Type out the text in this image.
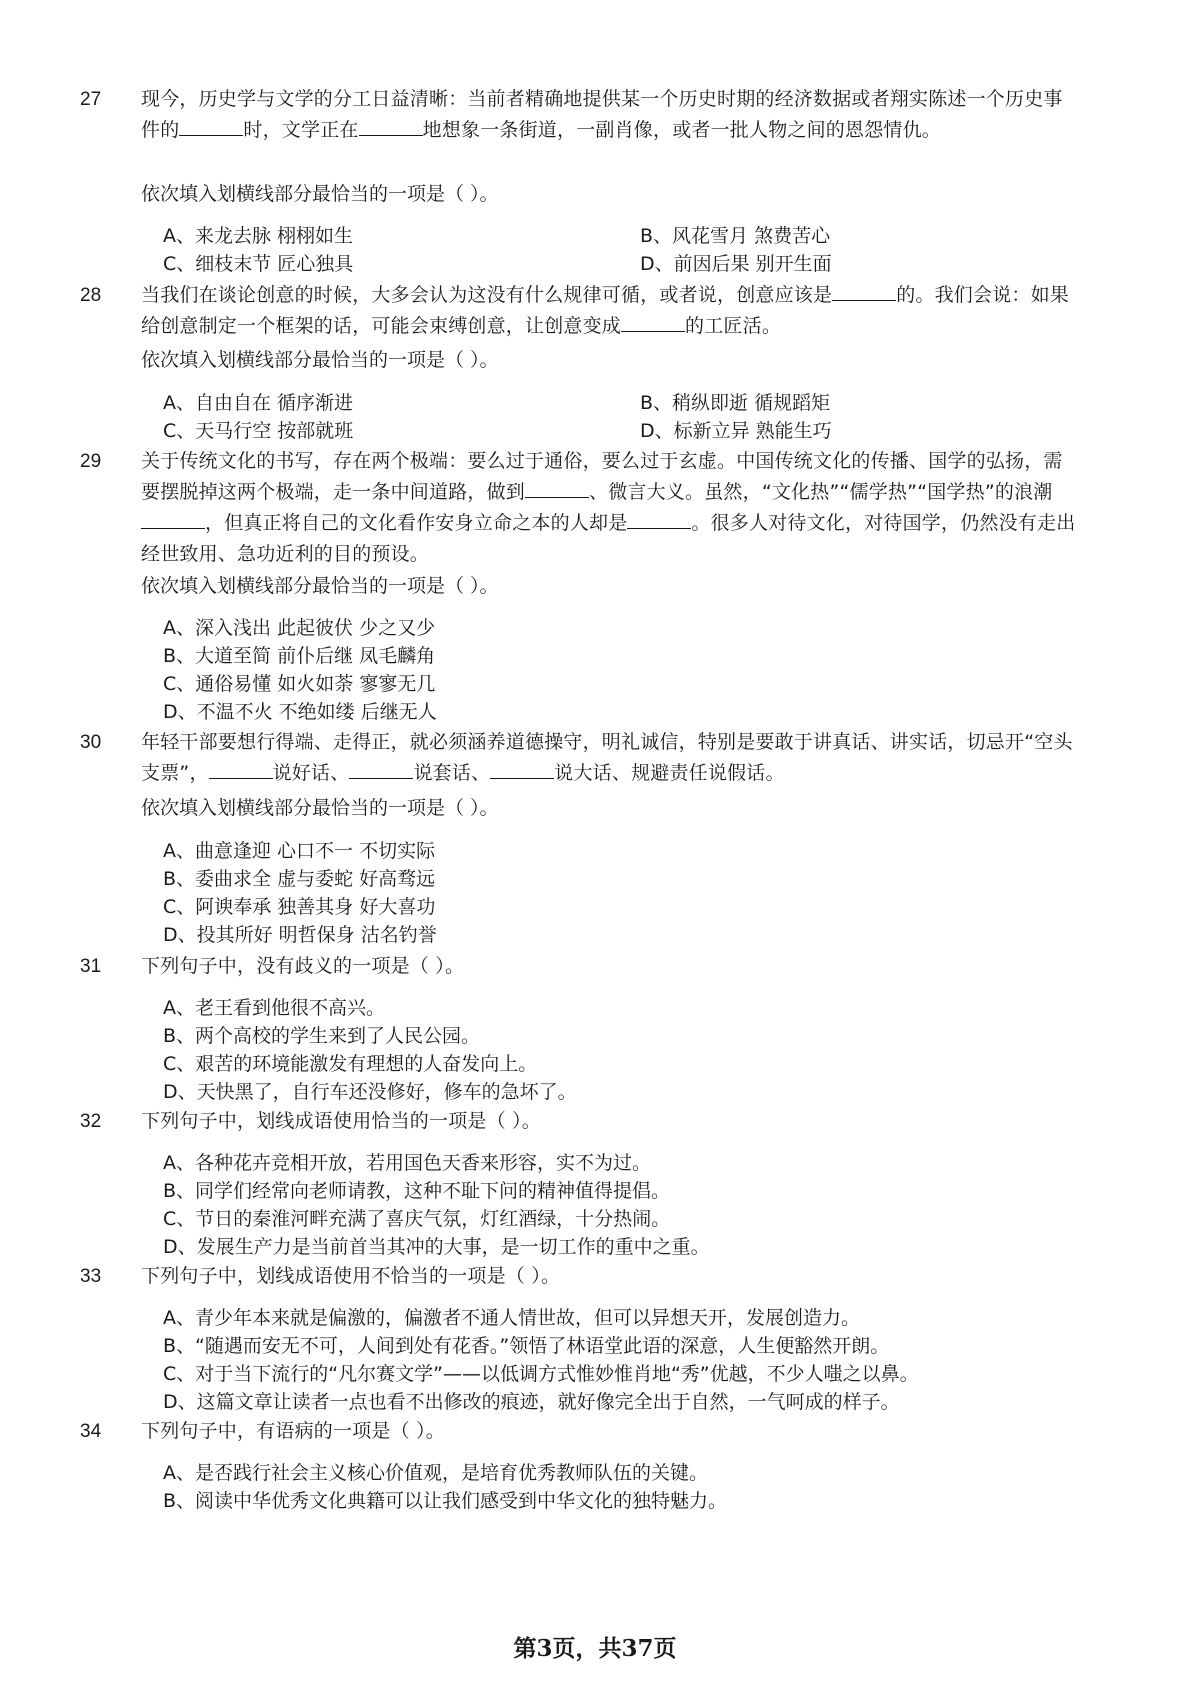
27 现今，历史学与文学的分工日益清晰：当前者精确地提供某一个历史时期的经济数据或者翔实陈述一个历史事件的	时，文学正在	地想象一条街道，一副肖像，或者一批人物之间的恩怨情仇。
依次填入划横线部分最恰当的一项是（ ）。
A、来龙去脉 栩栩如生	B、风花雪月 煞费苦心
C、细枝末节 匠心独具	D、前因后果 别开生面
28 当我们在谈论创意的时候，大多会认为这没有什么规律可循，或者说，创意应该是	的。我们会说：如果给创意制定一个框架的话，可能会束缚创意，让创意变成	的工匠活。
依次填入划横线部分最恰当的一项是（ ）。
A、自由自在 循序渐进	B、稍纵即逝 循规蹈矩
C、天马行空 按部就班	D、标新立异 熟能生巧
29 关于传统文化的书写，存在两个极端：要么过于通俗，要么过于玄虚。中国传统文化的传播、国学的弘扬，需要摆脱掉这两个极端，走一条中间道路，做到	、微言大义。虽然，“文化热”“儒学热”“国学热”的浪潮，但真正将自己的文化看作安身立命之本的人却是	。很多人对待文化，对待国学，仍然没有走出经世致用、急功近利的目的预设。
依次填入划横线部分最恰当的一项是（ ）。
A、深入浅出 此起彼伏 少之又少
B、大道至简 前仆后继 凤毛麟角
C、通俗易懂 如火如荼 寥寥无几
D、不温不火 不绝如缕 后继无人
30 年轻干部要想行得端、走得正，就必须涵养道德操守，明礼诚信，特别是要敢于讲真话、讲实话，切忌开“空头支票”，	说好话、	说套话、	说大话、规避责任说假话。
依次填入划横线部分最恰当的一项是（ ）。
A、曲意逢迎 心口不一 不切实际
B、委曲求全 虚与委蛇 好高骛远
C、阿谀奉承 独善其身 好大喜功
D、投其所好 明哲保身 沽名钓誉
31 下列句子中，没有歧义的一项是（ ）。
A、老王看到他很不高兴。
B、两个高校的学生来到了人民公园。
C、艰苦的环境能激发有理想的人奋发向上。
D、天快黑了，自行车还没修好，修车的急坏了。
32 下列句子中，划线成语使用恰当的一项是（ ）。
A、各种花卉竞相开放，若用国色天香来形容，实不为过。
B、同学们经常向老师请教，这种不耻下问的精神值得提倡。
C、节日的秦淮河畔充满了喜庆气氛，灯红酒绿，十分热闹。
D、发展生产力是当前首当其冲的大事，是一切工作的重中之重。
33 下列句子中，划线成语使用不恰当的一项是（ ）。
A、青少年本来就是偏激的，偏激者不通人情世故，但可以异想天开，发展创造力。
B、“随遇而安无不可，人间到处有花香。”领悟了林语堂此语的深意，人生便豁然开朗。
C、对于当下流行的“凡尔赛文学”——以低调方式惟妙惟肖地“秀”优越，不少人嗤之以鼻。
D、这篇文章让读者一点也看不出修改的痕迹，就好像完全出于自然，一气呵成的样子。
34 下列句子中，有语病的一项是（ ）。
A、是否践行社会主义核心价值观，是培育优秀教师队伍的关键。
B、阅读中华优秀文化典籍可以让我们感受到中华文化的独特魅力。
第3页，共37页
